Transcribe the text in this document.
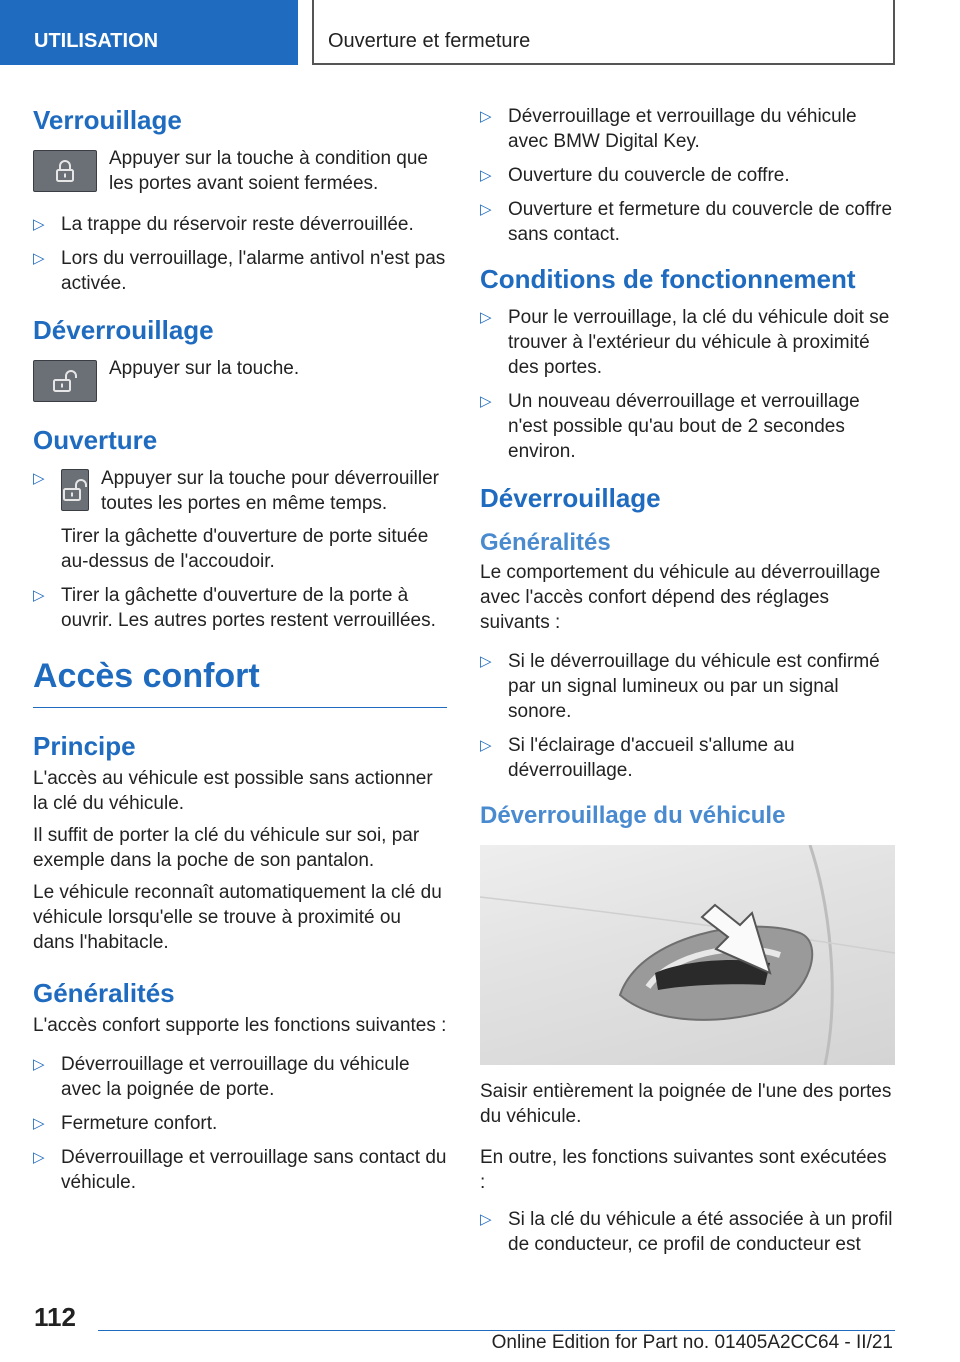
UTILISATION	Ouverture et fermeture
Verrouillage
Appuyer sur la touche à condition que les portes avant soient fermées.
▷ La trappe du réservoir reste déverrouillée.
▷ Lors du verrouillage, l'alarme antivol n'est pas activée.
Déverrouillage
Appuyer sur la touche.
Ouverture
▷ Appuyer sur la touche pour déverrouiller toutes les portes en même temps.

Tirer la gâchette d'ouverture de porte située au-dessus de l'accoudoir.

▷ Tirer la gâchette d'ouverture de la porte à ouvrir. Les autres portes restent verrouillées.
Accès confort
Principe

L'accès au véhicule est possible sans actionner la clé du véhicule.

Il suffit de porter la clé du véhicule sur soi, par exemple dans la poche de son pantalon.

Le véhicule reconnaît automatiquement la clé du véhicule lorsqu'elle se trouve à proximité ou dans l'habitacle.

Généralités

L'accès confort supporte les fonctions suivantes :

▷ Déverrouillage et verrouillage du véhicule avec la poignée de porte.
▷ Fermeture confort.
▷ Déverrouillage et verrouillage sans contact du véhicule.
▷ Déverrouillage et verrouillage du véhicule avec BMW Digital Key.
▷ Ouverture du couvercle de coffre.
▷ Ouverture et fermeture du couvercle de coffre sans contact.
Conditions de fonctionnement
▷ Pour le verrouillage, la clé du véhicule doit se trouver à l'extérieur du véhicule à proximité des portes.
▷ Un nouveau déverrouillage et verrouillage n'est possible qu'au bout de 2 secondes environ.
Déverrouillage
Généralités

Le comportement du véhicule au déverrouillage avec l'accès confort dépend des réglages suivants :

▷ Si le déverrouillage du véhicule est confirmé par un signal lumineux ou par un signal sonore.
▷ Si l'éclairage d'accueil s'allume au déverrouillage.
Déverrouillage du véhicule

Saisir entièrement la poignée de l'une des portes du véhicule.

En outre, les fonctions suivantes sont exécutées :

▷ Si la clé du véhicule a été associée à un profil de conducteur, ce profil de conducteur est
112
Online Edition for Part no. 01405A2CC64 - II/21
